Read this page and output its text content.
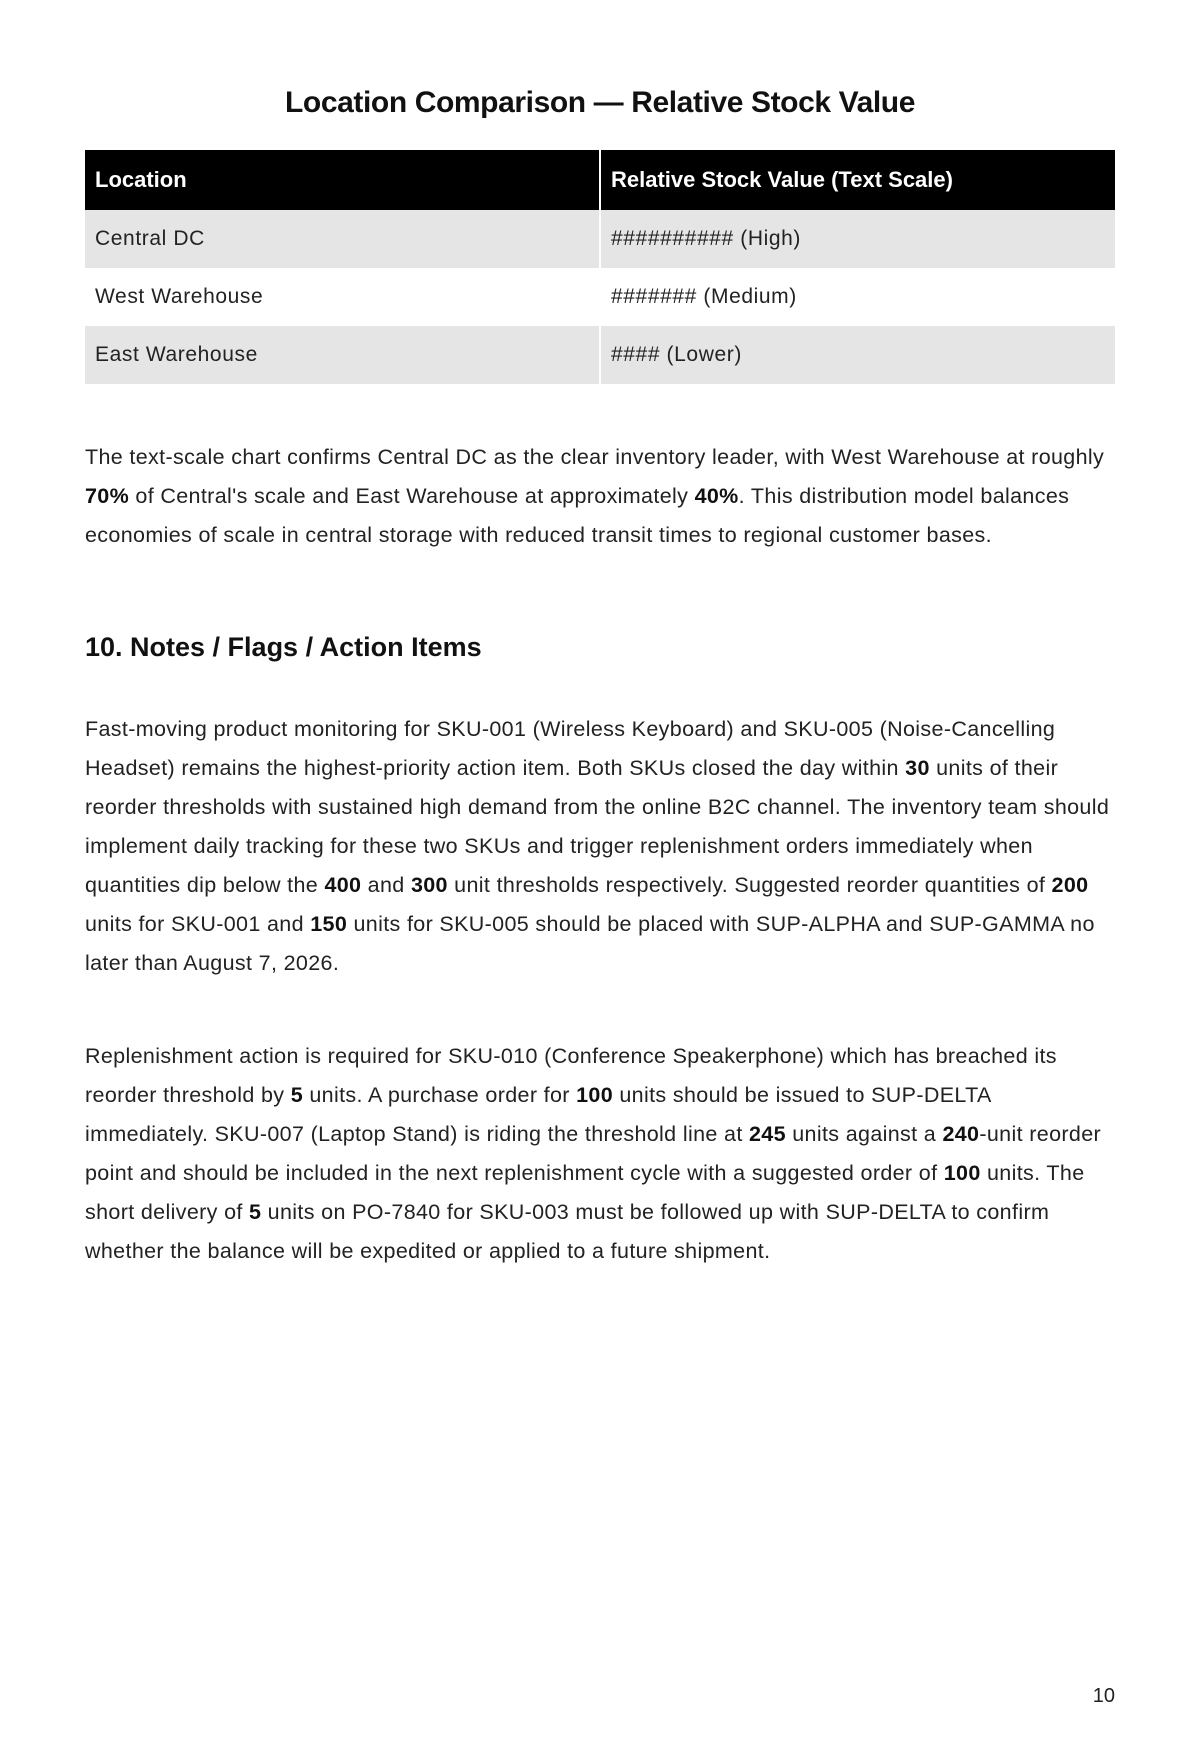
Location Comparison — Relative Stock Value
Location	Relative Stock Value (Text Scale)
Central DC	########## (High)
West Warehouse	####### (Medium)
East Warehouse	#### (Lower)

The text-scale chart confirms Central DC as the clear inventory leader, with West Warehouse at roughly 70% of Central's scale and East Warehouse at approximately 40%. This distribution model balances economies of scale in central storage with reduced transit times to regional customer bases.

10. Notes / Flags / Action Items

Fast-moving product monitoring for SKU-001 (Wireless Keyboard) and SKU-005 (Noise-Cancelling Headset) remains the highest-priority action item. Both SKUs closed the day within 30 units of their reorder thresholds with sustained high demand from the online B2C channel. The inventory team should implement daily tracking for these two SKUs and trigger replenishment orders immediately when quantities dip below the 400 and 300 unit thresholds respectively. Suggested reorder quantities of 200 units for SKU-001 and 150 units for SKU-005 should be placed with SUP-ALPHA and SUP-GAMMA no later than August 7, 2026.

Replenishment action is required for SKU-010 (Conference Speakerphone) which has breached its reorder threshold by 5 units. A purchase order for 100 units should be issued to SUP-DELTA immediately. SKU-007 (Laptop Stand) is riding the threshold line at 245 units against a 240-unit reorder point and should be included in the next replenishment cycle with a suggested order of 100 units. The short delivery of 5 units on PO-7840 for SKU-003 must be followed up with SUP-DELTA to confirm whether the balance will be expedited or applied to a future shipment.

10
